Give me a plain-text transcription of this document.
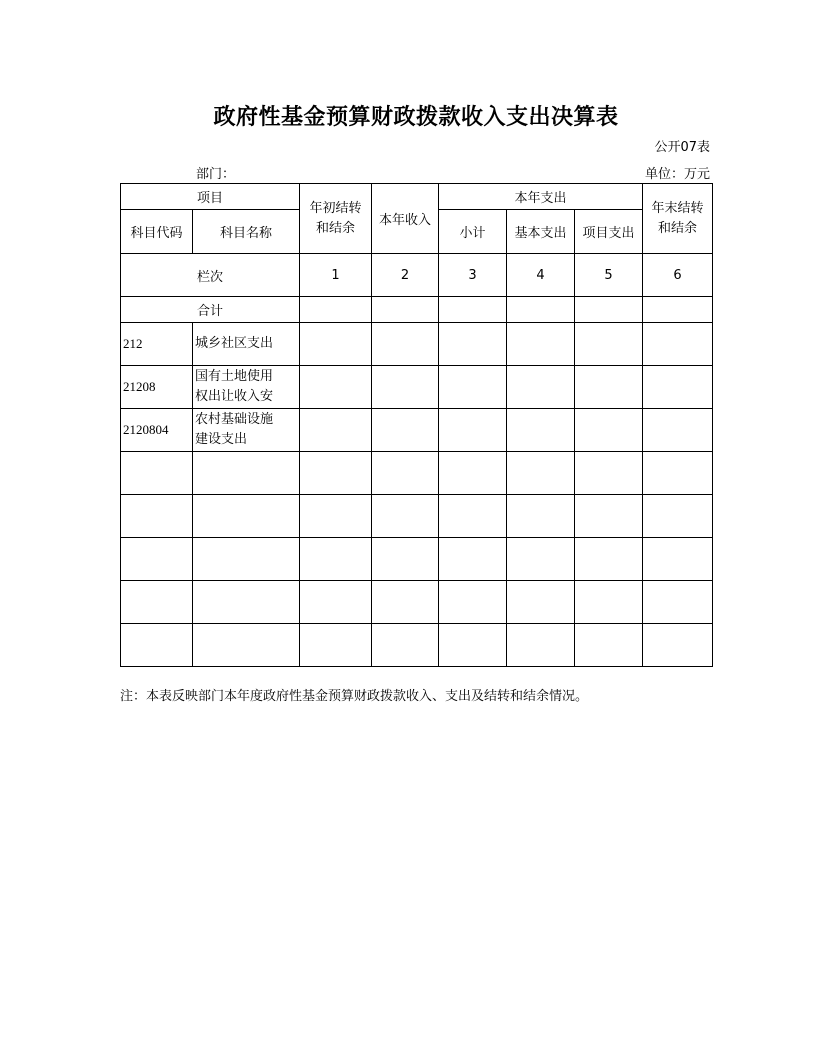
政府性基金预算财政拨款收入支出决算表
公开07表
部门：	单位：万元
项目		年初结转和结余	本年收入	本年支出			年末结转和结余
科目代码	科目名称			小计	基本支出	项目支出	
栏次		1	2	3	4	5	6
合计							
212	城乡社区支出						
21208	国有土地使用权出让收入安						

2120804	农村基础设施建设支出						

注：本表反映部门本年度政府性基金预算财政拨款收入、支出及结转和结余情况。
